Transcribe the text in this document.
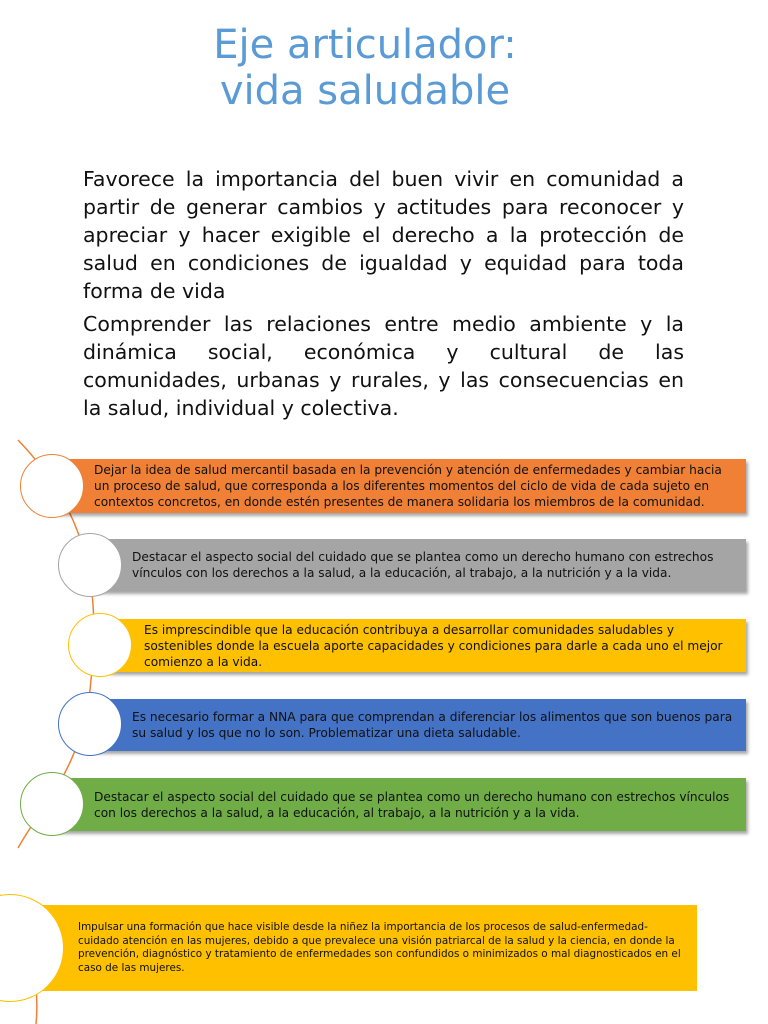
Eje articulador:
vida saludable
Favorece la importancia del buen vivir en comunidad a partir de generar cambios y actitudes para reconocer y apreciar y hacer exigible el derecho a la protección de salud en condiciones de igualdad y equidad para toda forma de vida
Comprender las relaciones entre medio ambiente y la dinámica social, económica y cultural de las comunidades, urbanas y rurales, y las consecuencias en la salud, individual y colectiva.
Dejar la idea de salud mercantil basada en la prevención y atención de enfermedades y cambiar hacia un proceso de salud, que corresponda a los diferentes momentos del ciclo de vida de cada sujeto en contextos concretos, en donde estén presentes de manera solidaria los miembros de la comunidad.
Destacar el aspecto social del cuidado que se plantea como un derecho humano con estrechos vínculos con los derechos a la salud, a la educación, al trabajo, a la nutrición y a la vida.
Es imprescindible que la educación contribuya a desarrollar comunidades saludables y sostenibles donde la escuela aporte capacidades y condiciones para darle a cada uno el mejor comienzo a la vida.
Es necesario formar a NNA para que comprendan a diferenciar los alimentos que son buenos para su salud y los que no lo son. Problematizar una dieta saludable.
Destacar el aspecto social del cuidado que se plantea como un derecho humano con estrechos vínculos con los derechos a la salud, a la educación, al trabajo, a la nutrición y a la vida.
Impulsar una formación que hace visible desde la niñez la importancia de los procesos de salud-enfermedad-cuidado atención en las mujeres, debido a que prevalece una visión patriarcal de la salud y la ciencia, en donde la prevención, diagnóstico y tratamiento de enfermedades son confundidos o minimizados o mal diagnosticados en el caso de las mujeres.
